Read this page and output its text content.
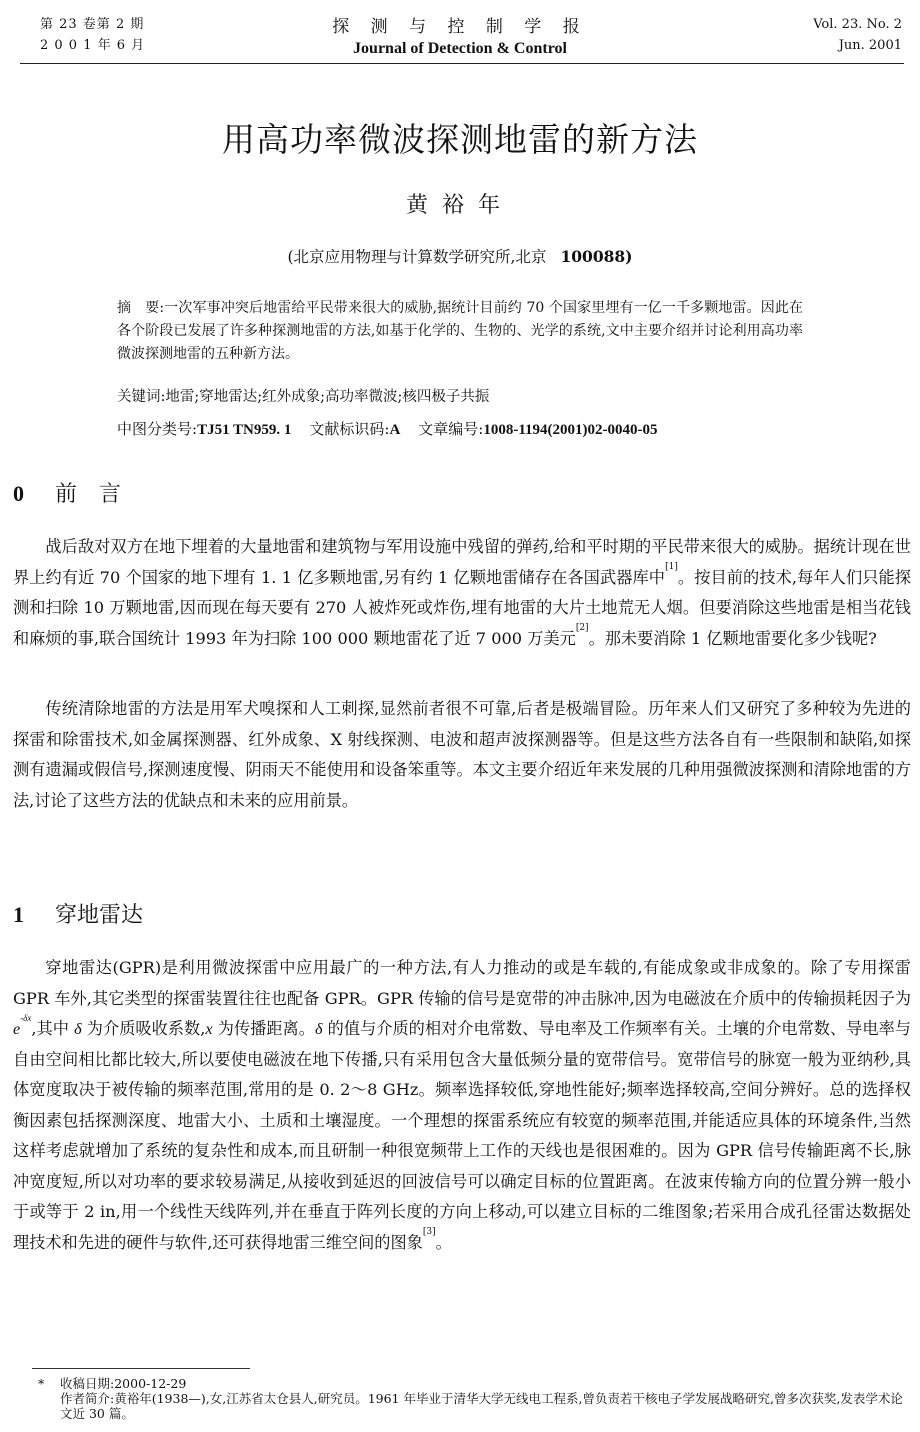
第 23 卷第 2 期
2 0 0 1 年 6 月
探 测 与 控 制 学 报
Journal of Detection & Control
Vol. 23. No. 2
Jun. 2001
用高功率微波探测地雷的新方法
黄裕年
(北京应用物理与计算数学研究所,北京 100088)
摘　要:一次军事冲突后地雷给平民带来很大的威胁,据统计目前约 70 个国家里埋有一亿一千多颗地雷。因此在各个阶段已发展了许多种探测地雷的方法,如基于化学的、生物的、光学的系统,文中主要介绍并讨论利用高功率微波探测地雷的五种新方法。
关键词:地雷;穿地雷达;红外成象;高功率微波;核四极子共振
中图分类号:TJ51 TN959. 1 文献标识码:A 文章编号:1008-1194(2001)02-0040-05
0 前言

战后敌对双方在地下埋着的大量地雷和建筑物与军用设施中残留的弹药,给和平时期的平民带来很大的威胁。据统计现在世界上约有近 70 个国家的地下埋有 1. 1 亿多颗地雷,另有约 1 亿颗地雷储存在各国武器库中[1]。按目前的技术,每年人们只能探测和扫除 10 万颗地雷,因而现在每天要有 270 人被炸死或炸伤,埋有地雷的大片土地荒无人烟。但要消除这些地雷是相当花钱和麻烦的事,联合国统计 1993 年为扫除 100 000 颗地雷花了近 7 000 万美元[2]。那未要消除 1 亿颗地雷要化多少钱呢?

传统清除地雷的方法是用军犬嗅探和人工刺探,显然前者很不可靠,后者是极端冒险。历年来人们又研究了多种较为先进的探雷和除雷技术,如金属探测器、红外成象、X 射线探测、电波和超声波探测器等。但是这些方法各自有一些限制和缺陷,如探测有遗漏或假信号,探测速度慢、阴雨天不能使用和设备笨重等。本文主要介绍近年来发展的几种用强微波探测和清除地雷的方法,讨论了这些方法的优缺点和未来的应用前景。

1 穿地雷达

穿地雷达(GPR)是利用微波探雷中应用最广的一种方法,有人力推动的或是车载的,有能成象或非成象的。除了专用探雷 GPR 车外,其它类型的探雷装置往往也配备 GPR。GPR 传输的信号是宽带的冲击脉冲,因为电磁波在介质中的传输损耗因子为 $e^{-\delta x}$,其中 δ 为介质吸收系数,x 为传播距离。δ 的值与介质的相对介电常数、导电率及工作频率有关。土壤的介电常数、导电率与自由空间相比都比较大,所以要使电磁波在地下传播,只有采用包含大量低频分量的宽带信号。宽带信号的脉宽一般为亚纳秒,具体宽度取决于被传输的频率范围,常用的是 0. 2～8 GHz。频率选择较低,穿地性能好;频率选择较高,空间分辨好。总的选择权衡因素包括探测深度、地雷大小、土质和土壤湿度。一个理想的探雷系统应有较宽的频率范围,并能适应具体的环境条件,当然这样考虑就增加了系统的复杂性和成本,而且研制一种很宽频带上工作的天线也是很困难的。因为 GPR 信号传输距离不长,脉冲宽度短,所以对功率的要求较易满足,从接收到延迟的回波信号可以确定目标的位置距离。在波束传输方向的位置分辨一般小于或等于 2 in,用一个线性天线阵列,并在垂直于阵列长度的方向上移动,可以建立目标的二维图象;若采用合成孔径雷达数据处理技术和先进的硬件与软件,还可获得地雷三维空间的图象[3]。

* 收稿日期:2000-12-29
作者简介:黄裕年(1938—),女,江苏省太仓县人,研究员。1961 年毕业于清华大学无线电工程系,曾负责若干核电子学发展战略研究,曾多次获奖,发表学术论文近 30 篇。
